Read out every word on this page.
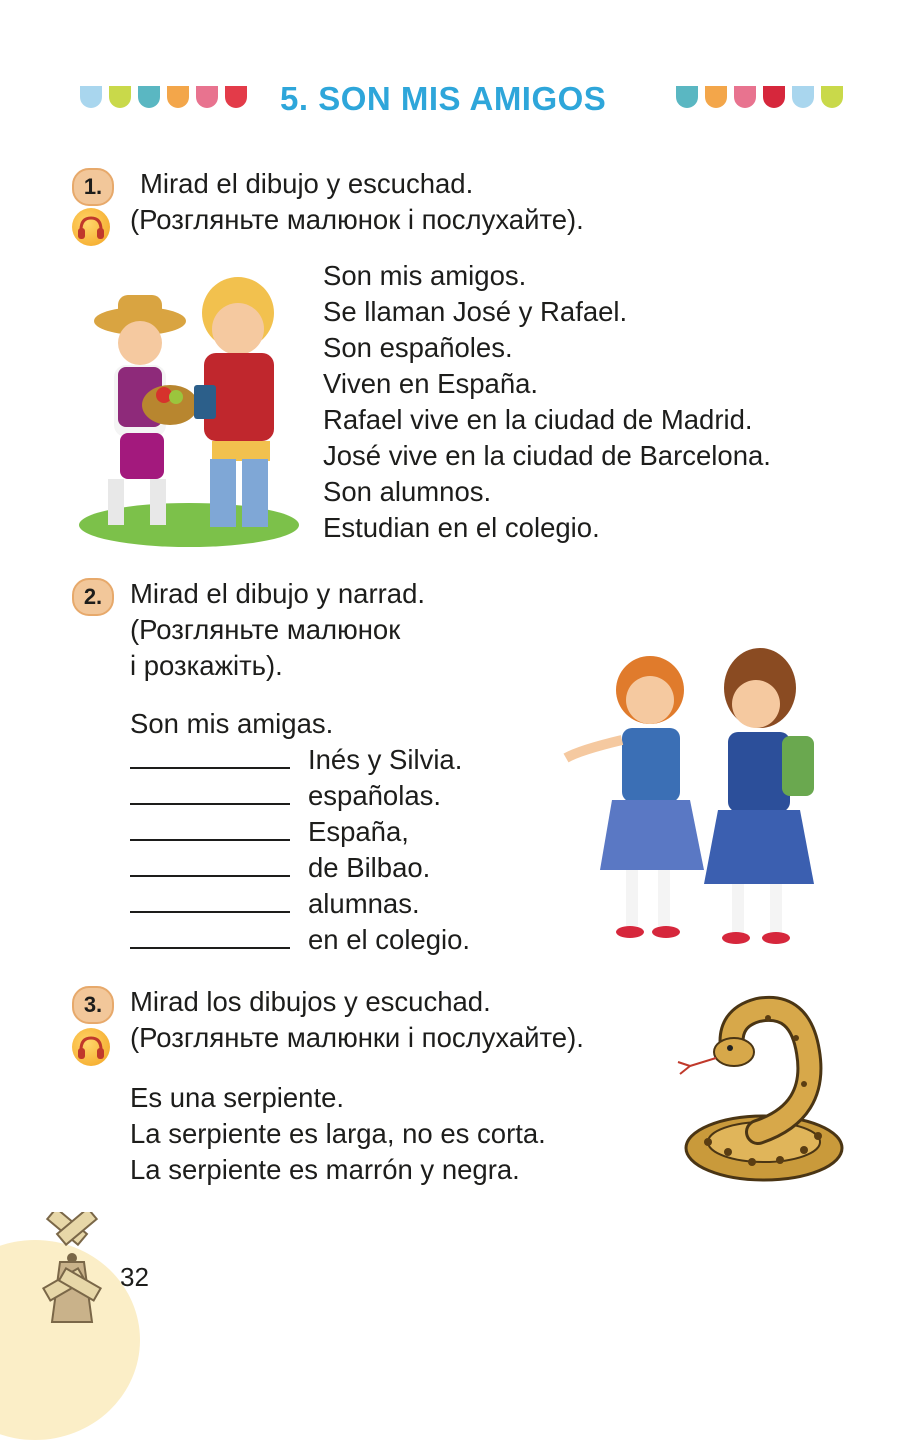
5. SON MIS AMIGOS
1.	Mirad el dibujo y escuchad.
(Розгляньте малюнок і послухайте).
Son mis amigos.
Se llaman José y Rafael.
Son españoles.
Viven en España.
Rafael vive en la ciudad de Madrid.
José vive en la ciudad de Barcelona.
Son alumnos.
Estudian en el colegio.
2.	Mirad el dibujo y narrad.
(Розгляньте малюнок
і розкажіть).
Son mis amigas.
Inés y Silvia.
españolas.
España,
de Bilbao.
alumnas.
en el colegio.
3.	Mirad los dibujos y escuchad.
(Розгляньте малюнки і послухайте).
Es una serpiente.
La serpiente es larga, no es corta.
La serpiente es marrón y negra.
32
